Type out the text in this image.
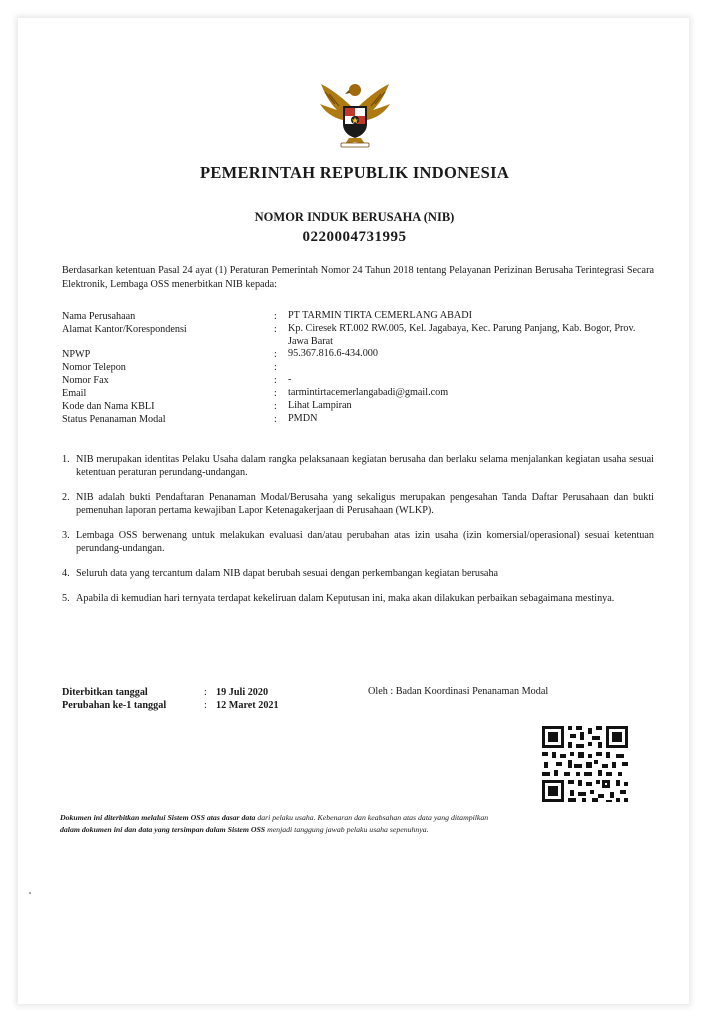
PEMERINTAH REPUBLIK INDONESIA
NOMOR INDUK BERUSAHA (NIB)
0220004731995
Berdasarkan ketentuan Pasal 24 ayat (1) Peraturan Pemerintah Nomor 24 Tahun 2018 tentang Pelayanan Perizinan Berusaha Terintegrasi Secara Elektronik, Lembaga OSS menerbitkan NIB kepada:
Nama Perusahaan	: PT TARMIN TIRTA CEMERLANG ABADI
Alamat Kantor/Korespondensi	: Kp. Ciresek RT.002 RW.005, Kel. Jagabaya, Kec. Parung Panjang, Kab. Bogor, Prov. Jawa Barat
NPWP	: 95.367.816.6-434.000
Nomor Telepon	:
Nomor Fax	: -
Email	: tarmintirtacemerlangabadi@gmail.com
Kode dan Nama KBLI	: Lihat Lampiran
Status Penanaman Modal	: PMDN
1. NIB merupakan identitas Pelaku Usaha dalam rangka pelaksanaan kegiatan berusaha dan berlaku selama menjalankan kegiatan usaha sesuai ketentuan peraturan perundang-undangan.
2. NIB adalah bukti Pendaftaran Penanaman Modal/Berusaha yang sekaligus merupakan pengesahan Tanda Daftar Perusahaan dan bukti pemenuhan laporan pertama kewajiban Lapor Ketenagakerjaan di Perusahaan (WLKP).
3. Lembaga OSS berwenang untuk melakukan evaluasi dan/atau perubahan atas izin usaha (izin komersial/operasional) sesuai ketentuan perundang-undangan.
4. Seluruh data yang tercantum dalam NIB dapat berubah sesuai dengan perkembangan kegiatan berusaha
5. Apabila di kemudian hari ternyata terdapat kekeliruan dalam Keputusan ini, maka akan dilakukan perbaikan sebagaimana mestinya.
Diterbitkan tanggal	: 19 Juli 2020
Perubahan ke-1 tanggal	: 12 Maret 2021
Oleh : Badan Koordinasi Penanaman Modal
Dokumen ini diterbitkan melalui Sistem OSS atas dasar data dari pelaku usaha. Kebenaran dan keabsahan atas data yang ditampilkan
dalam dokumen ini dan data yang tersimpan dalam Sistem OSS menjadi tanggung jawab pelaku usaha sepenuhnya.
